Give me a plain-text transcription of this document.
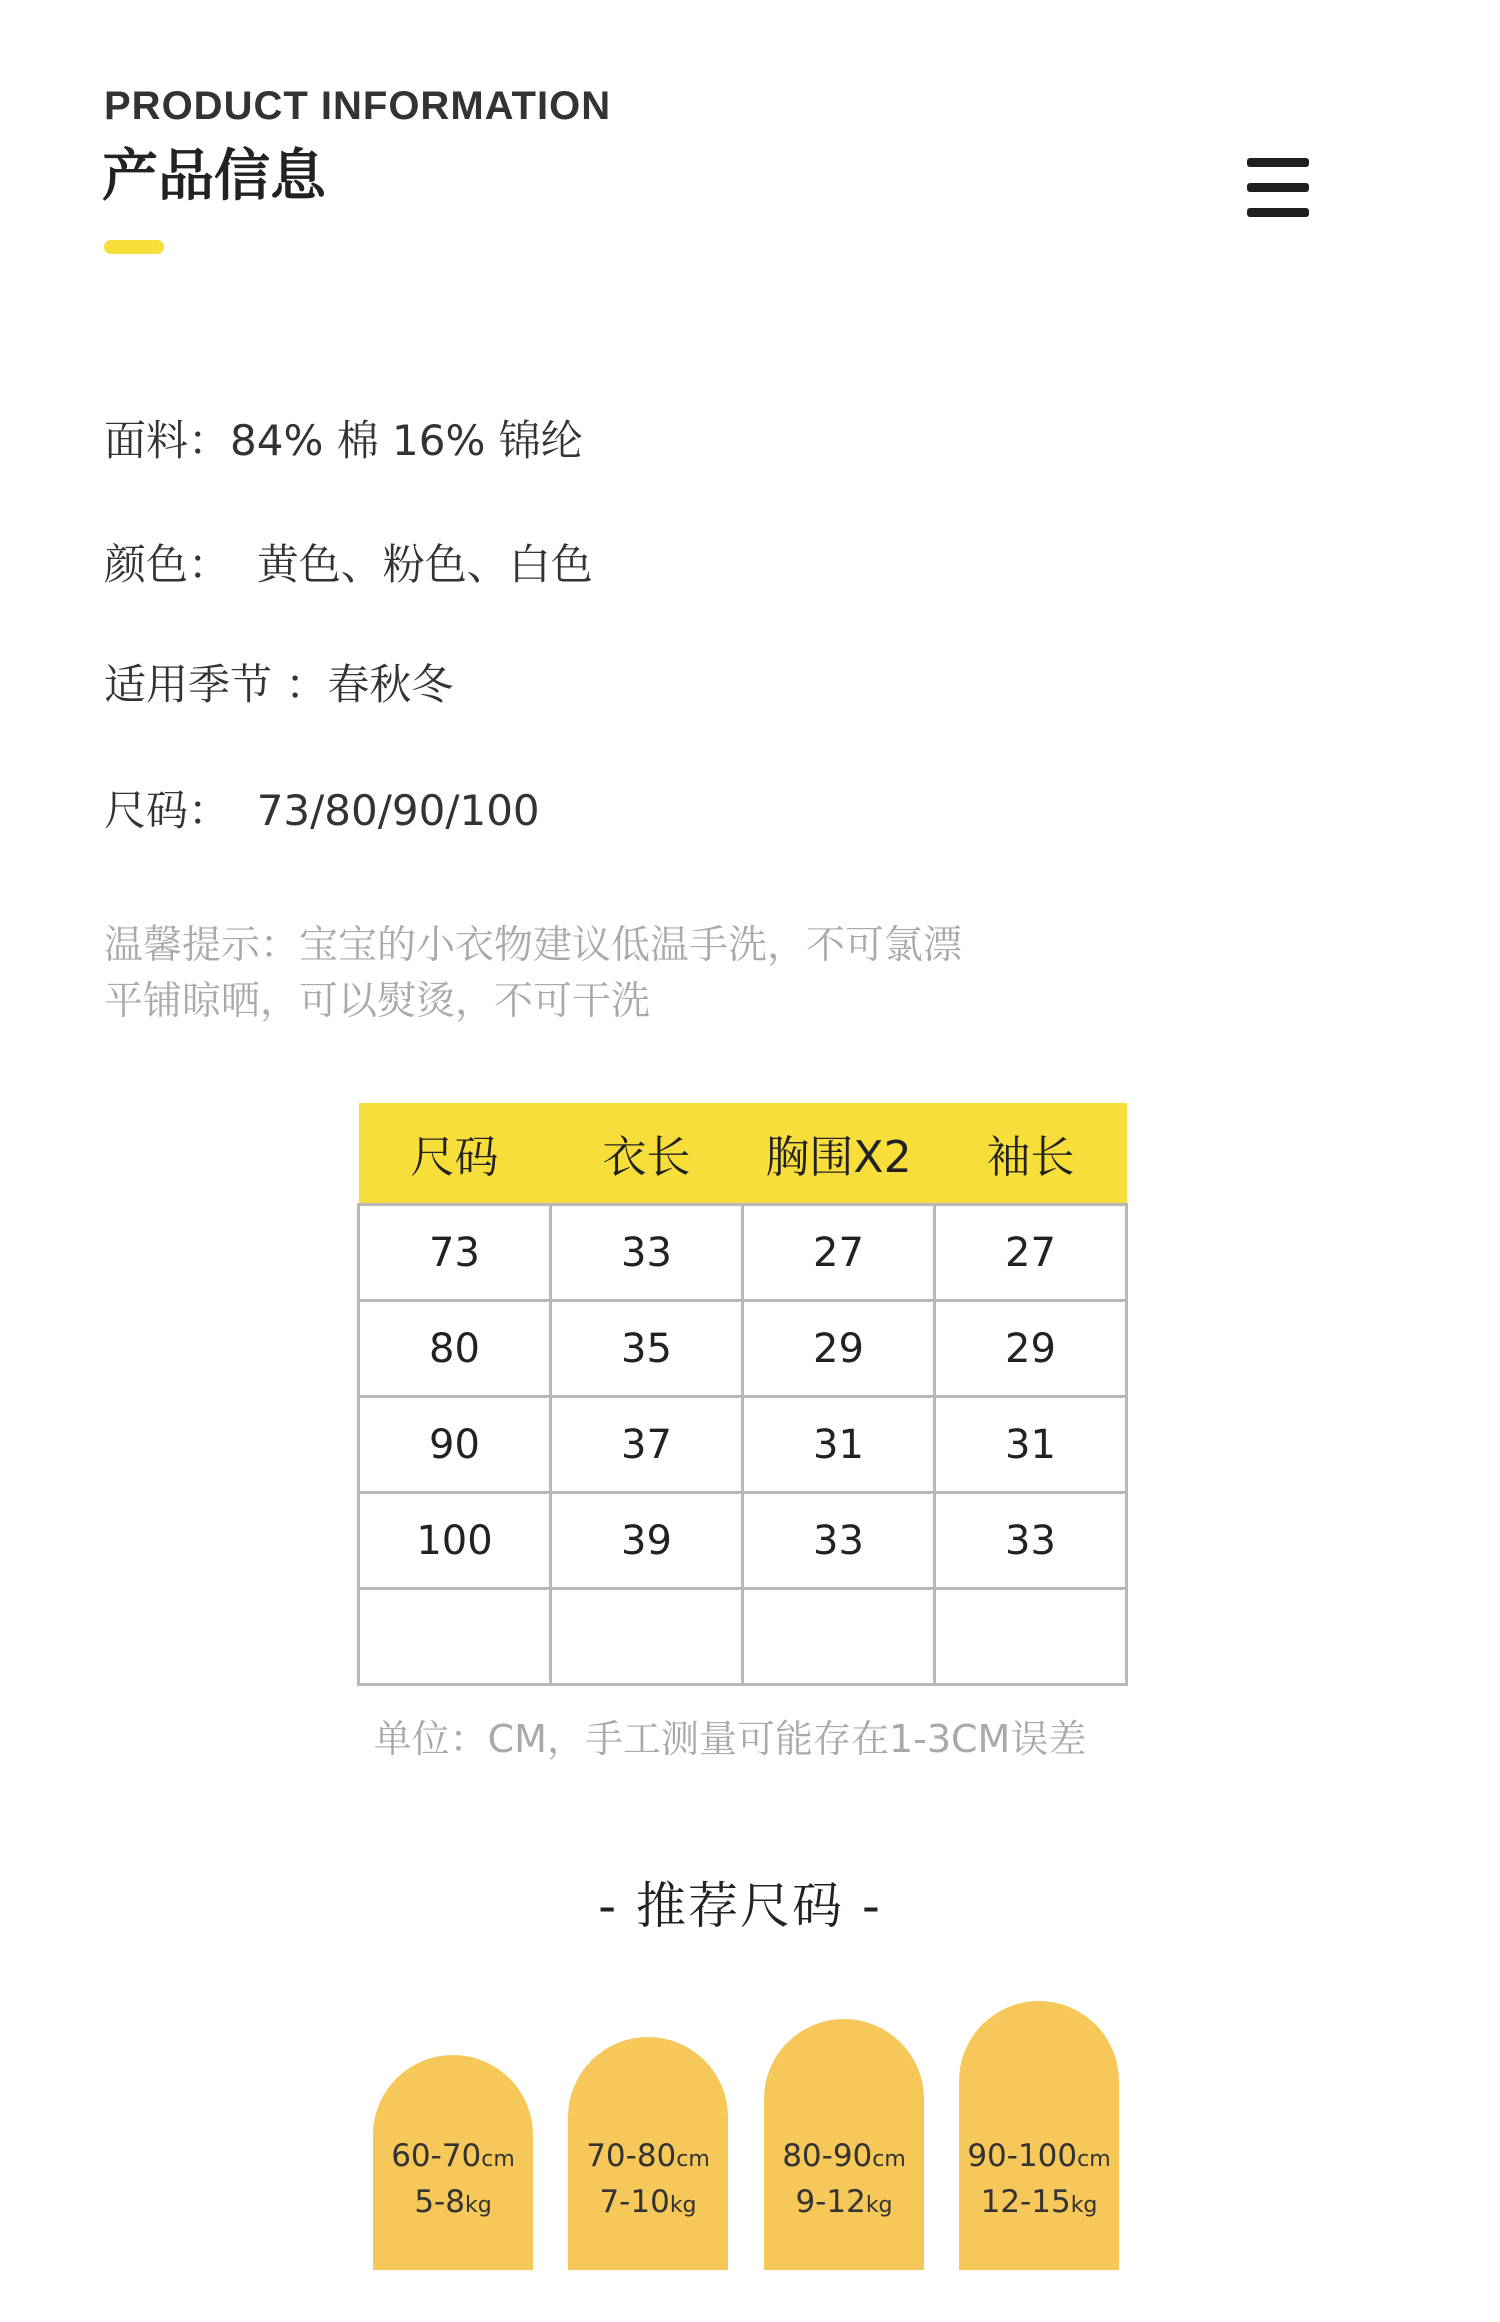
PRODUCT INFORMATION
产品信息
面料：84% 棉 16% 锦纶
颜色：  黄色、粉色、白色
适用季节 ：春秋冬
尺码：  73/80/90/100
温馨提示：宝宝的小衣物建议低温手洗，不可氯漂
平铺晾晒，可以熨烫，不可干洗
尺码	衣长	胸围X2	袖长
73	33	27	27
80	35	29	29
90	37	31	31
100	39	33	33

单位：CM，手工测量可能存在1-3CM误差
- 推荐尺码 -
60-70cm
5-8kg
70-80cm
7-10kg
80-90cm
9-12kg
90-100cm
12-15kg
